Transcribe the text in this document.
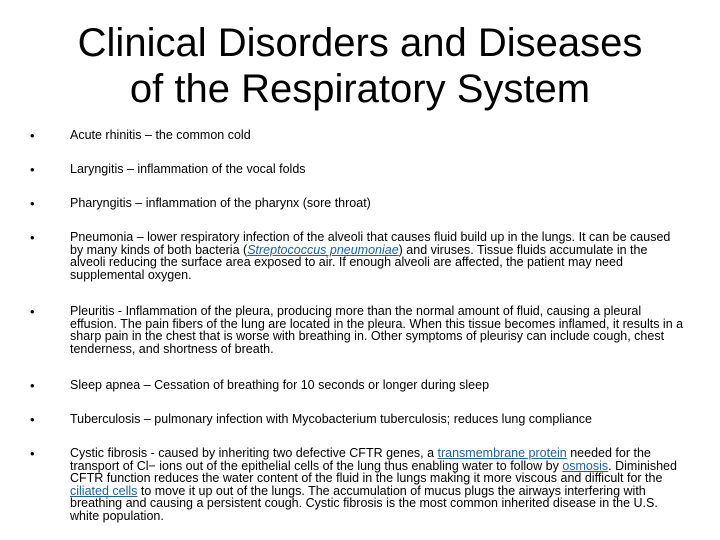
Clinical Disorders and Diseases
of the Respiratory System
•	Acute rhinitis – the common cold
•	Laryngitis – inflammation of the vocal folds
•	Pharyngitis – inflammation of the pharynx (sore throat)
•	Pneumonia – lower respiratory infection of the alveoli that causes fluid build up in the lungs. It can be caused by many kinds of both bacteria (Streptococcus pneumoniae) and viruses. Tissue fluids accumulate in the alveoli reducing the surface area exposed to air. If enough alveoli are affected, the patient may need supplemental oxygen.
•	Pleuritis - Inflammation of the pleura, producing more than the normal amount of fluid, causing a pleural effusion. The pain fibers of the lung are located in the pleura. When this tissue becomes inflamed, it results in a sharp pain in the chest that is worse with breathing in. Other symptoms of pleurisy can include cough, chest tenderness, and shortness of breath.
•	Sleep apnea – Cessation of breathing for 10 seconds or longer during sleep
•	Tuberculosis – pulmonary infection with Mycobacterium tuberculosis; reduces lung compliance
•	Cystic fibrosis - caused by inheriting two defective CFTR genes, a transmembrane protein needed for the transport of Cl− ions out of the epithelial cells of the lung thus enabling water to follow by osmosis. Diminished CFTR function reduces the water content of the fluid in the lungs making it more viscous and difficult for the ciliated cells to move it up out of the lungs. The accumulation of mucus plugs the airways interfering with breathing and causing a persistent cough. Cystic fibrosis is the most common inherited disease in the U.S. white population.
